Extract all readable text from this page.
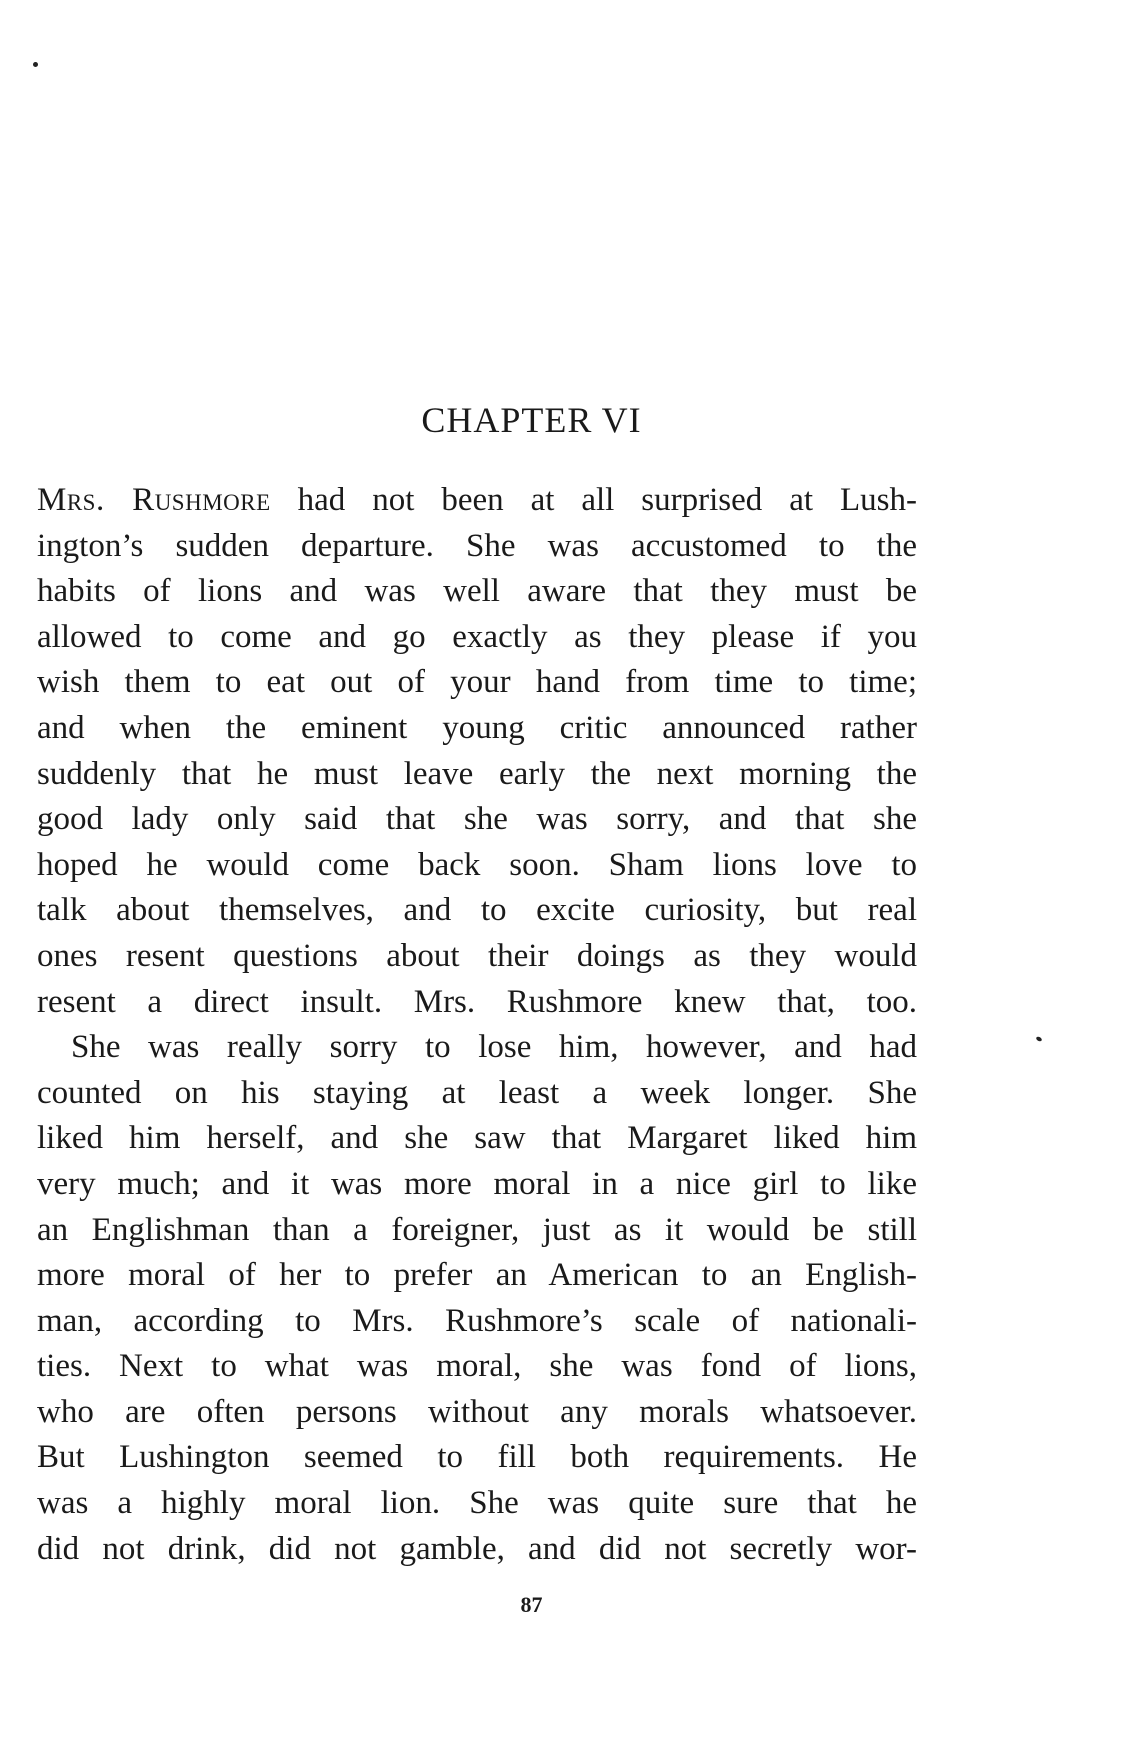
CHAPTER VI
Mrs. Rushmore had not been at all surprised at Lush-
ington’s sudden departure. She was accustomed to the
habits of lions and was well aware that they must be
allowed to come and go exactly as they please if you
wish them to eat out of your hand from time to time;
and when the eminent young critic announced rather
suddenly that he must leave early the next morning the
good lady only said that she was sorry, and that she
hoped he would come back soon. Sham lions love to
talk about themselves, and to excite curiosity, but real
ones resent questions about their doings as they would
resent a direct insult. Mrs. Rushmore knew that, too.
She was really sorry to lose him, however, and had
counted on his staying at least a week longer. She
liked him herself, and she saw that Margaret liked him
very much; and it was more moral in a nice girl to like
an Englishman than a foreigner, just as it would be still
more moral of her to prefer an American to an English-
man, according to Mrs. Rushmore’s scale of nationali-
ties. Next to what was moral, she was fond of lions,
who are often persons without any morals whatsoever.
But Lushington seemed to fill both requirements. He
was a highly moral lion. She was quite sure that he
did not drink, did not gamble, and did not secretly wor-
87
